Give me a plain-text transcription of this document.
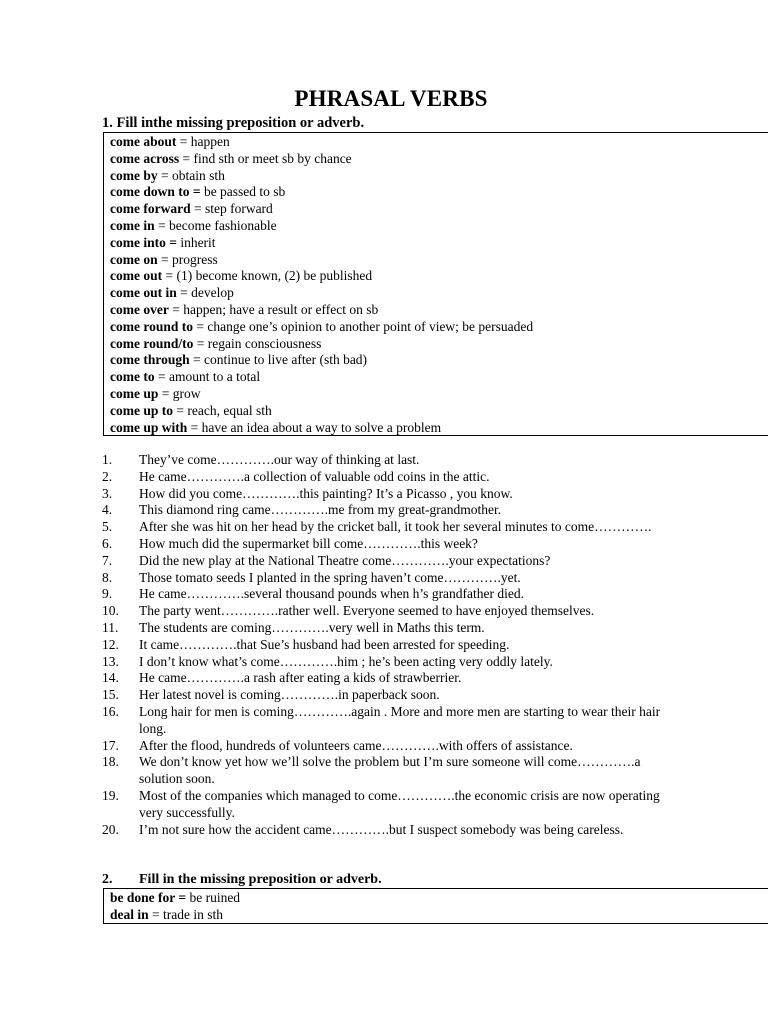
PHRASAL VERBS
1. Fill inthe missing preposition or adverb.
come about = happen
come across = find sth or meet sb by chance
come by = obtain sth
come down to = be passed to sb
come forward = step forward
come in = become fashionable
come into = inherit
come on = progress
come out = (1) become known, (2) be published
come out in = develop
come over = happen; have a result or effect on sb
come round to = change one’s opinion to another point of view; be persuaded
come round/to = regain consciousness
come through = continue to live after (sth bad)
come to = amount to a total
come up = grow
come up to = reach, equal sth
come up with = have an idea about a way to solve a problem
1. They’ve come………….our way of thinking at last.
2. He came………….a collection of valuable odd coins in the attic.
3. How did you come………….this painting? It’s a Picasso , you know.
4. This diamond ring came………….me from my great-grandmother.
5. After she was hit on her head by the cricket ball, it took her several minutes to come………….
6. How much did the supermarket bill come………….this week?
7. Did the new play at the National Theatre come………….your expectations?
8. Those tomato seeds I planted in the spring haven’t come………….yet.
9. He came………….several thousand pounds when h’s grandfather died.
10. The party went………….rather well. Everyone seemed to have enjoyed themselves.
11. The students are coming………….very well in Maths this term.
12. It came………….that Sue’s husband had been arrested for speeding.
13. I don’t know what’s come………….him ; he’s been acting very oddly lately.
14. He came………….a rash after eating a kids of strawberrier.
15. Her latest novel is coming………….in paperback soon.
16. Long hair for men is coming………….again . More and more men are starting to wear their hair long.
17. After the flood, hundreds of volunteers came………….with offers of assistance.
18. We don’t know yet how we’ll solve the problem but I’m sure someone will come………….a solution soon.
19. Most of the companies which managed to come………….the economic crisis are now operating very successfully.
20. I’m not sure how the accident came………….but I suspect somebody was being careless.
2. Fill in the missing preposition or adverb.
be done for = be ruined
deal in = trade in sth
